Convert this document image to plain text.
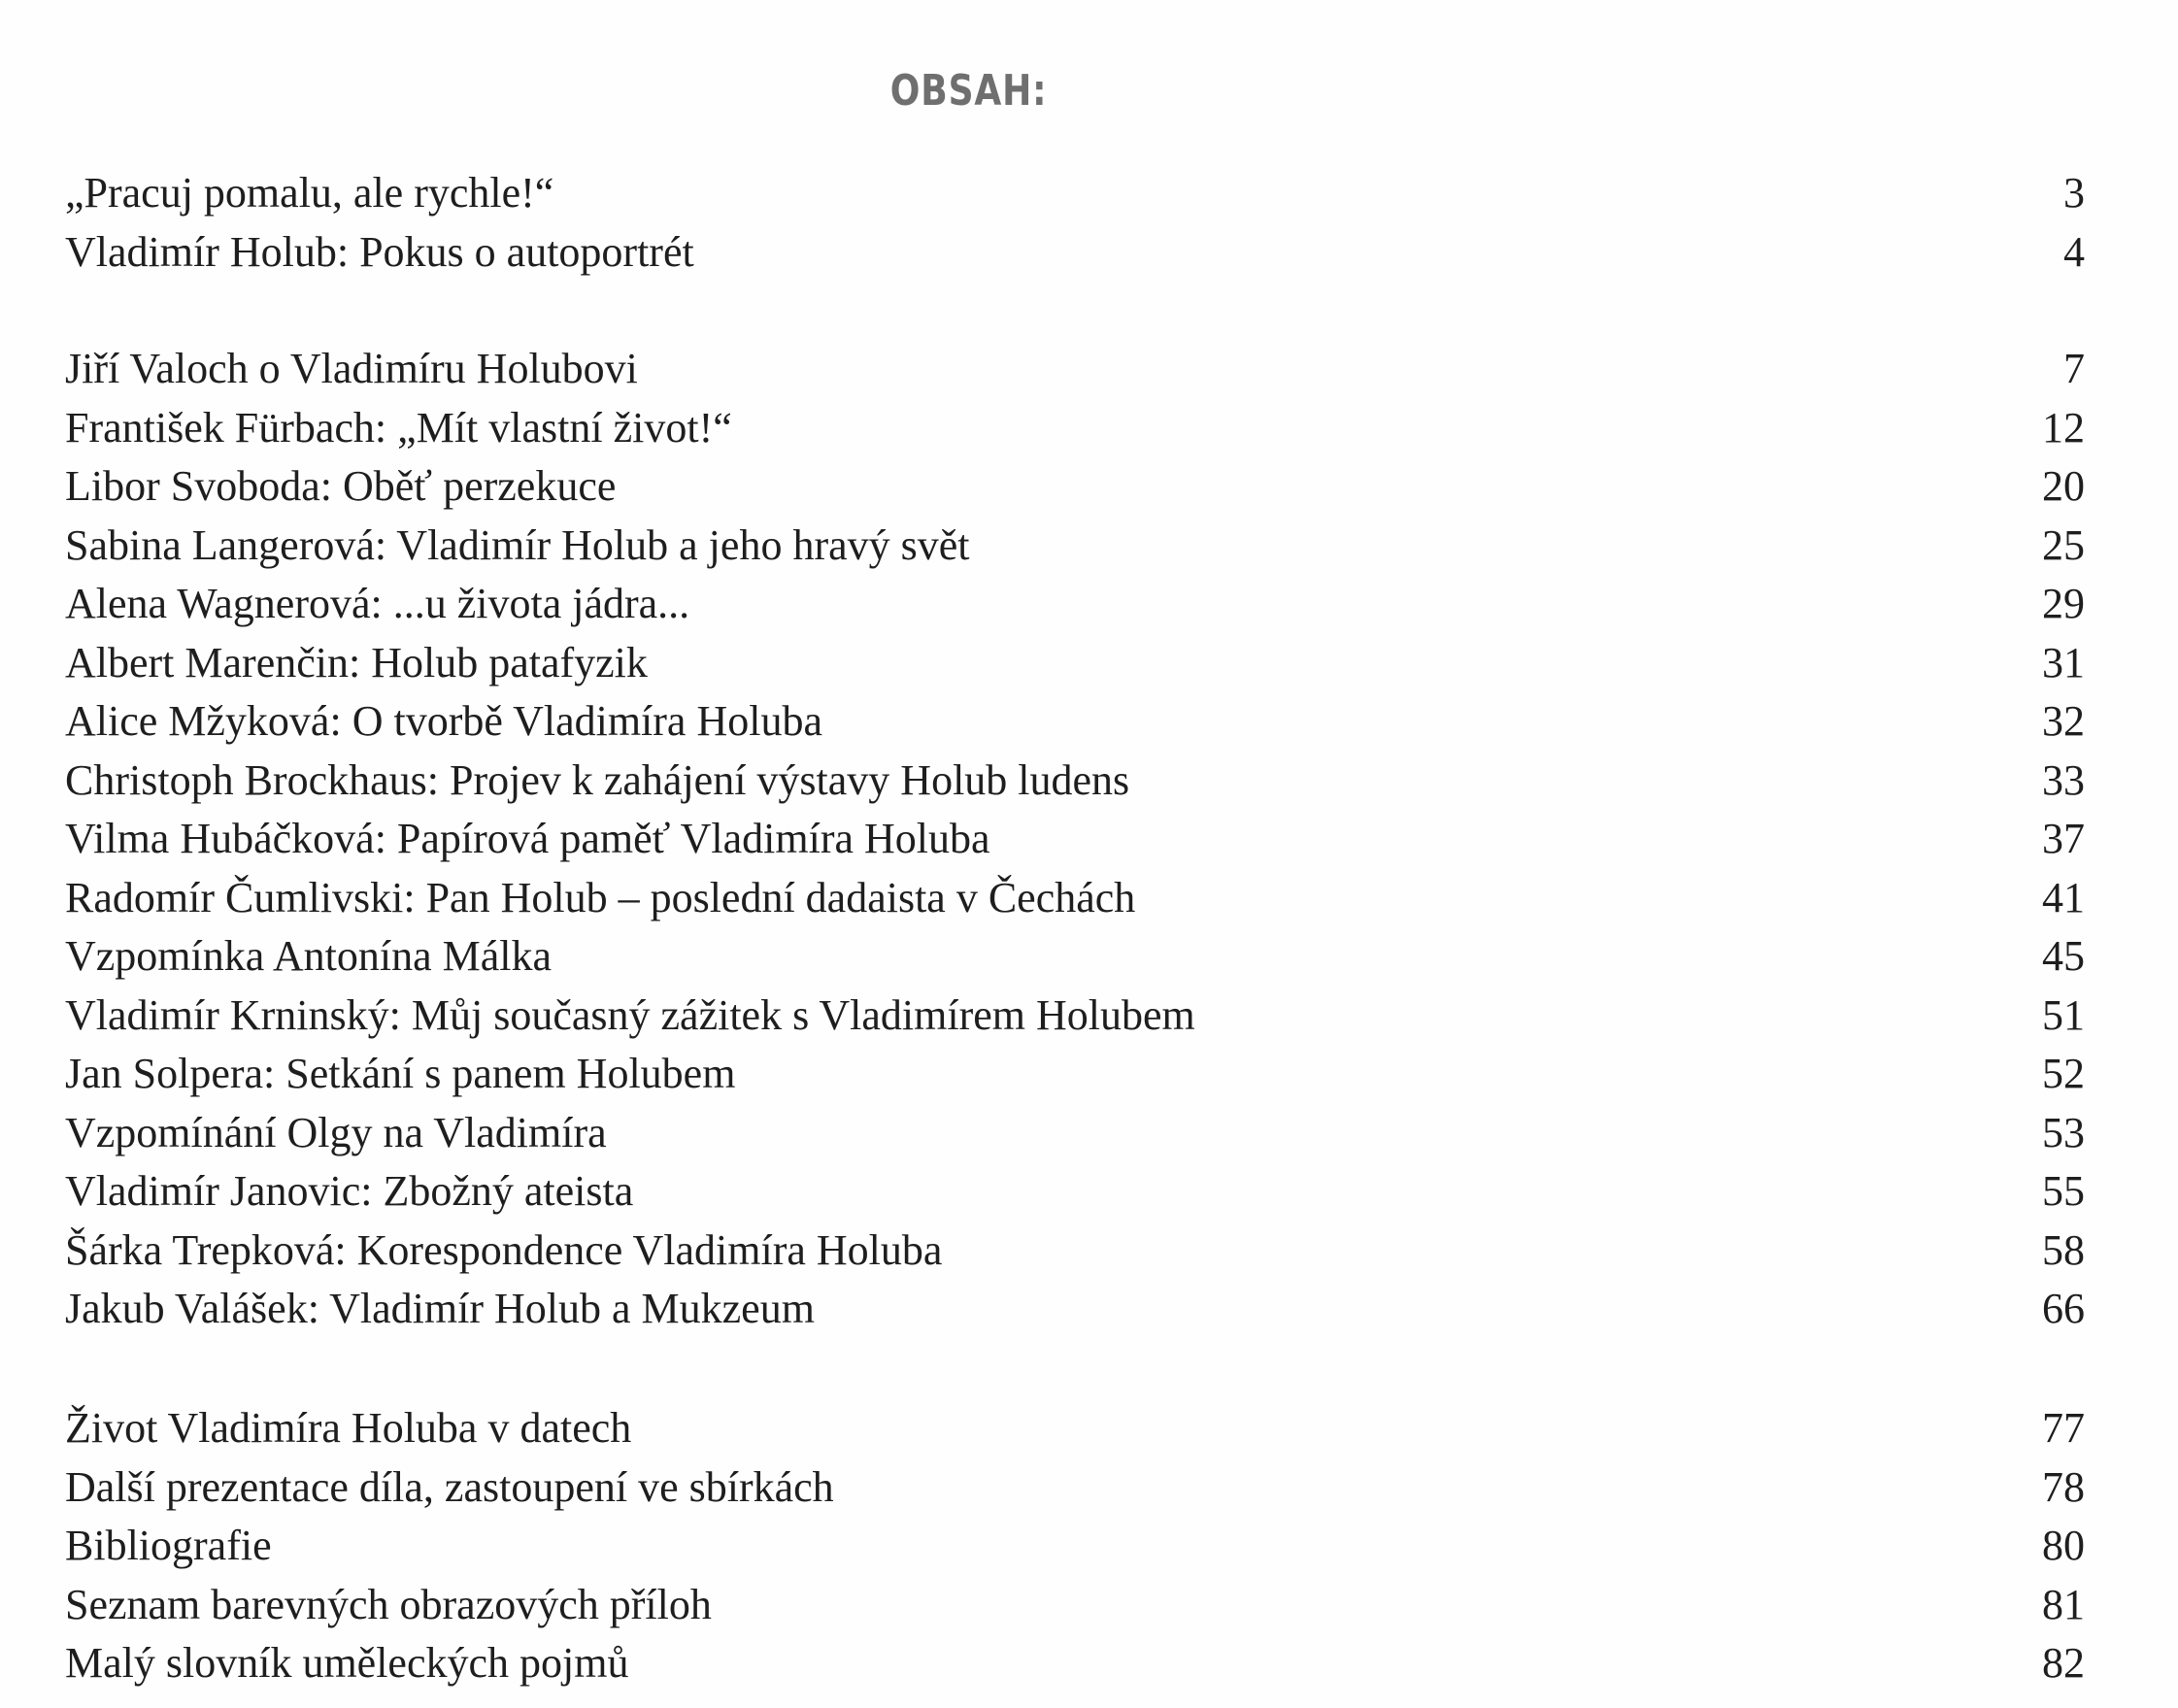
OBSAH:
„Pracuj pomalu, ale rychle!“	3
Vladimír Holub: Pokus o autoportrét	4
Jiří Valoch o Vladimíru Holubovi	7
František Fürbach: „Mít vlastní život!“	12
Libor Svoboda: Oběť perzekuce	20
Sabina Langerová: Vladimír Holub a jeho hravý svět	25
Alena Wagnerová: ...u života jádra...	29
Albert Marenčin: Holub patafyzik	31
Alice Mžyková: O tvorbě Vladimíra Holuba	32
Christoph Brockhaus: Projev k zahájení výstavy Holub ludens	33
Vilma Hubáčková: Papírová paměť Vladimíra Holuba	37
Radomír Čumlivski: Pan Holub – poslední dadaista v Čechách	41
Vzpomínka Antonína Málka	45
Vladimír Krninský: Můj současný zážitek s Vladimírem Holubem	51
Jan Solpera: Setkání s panem Holubem	52
Vzpomínání Olgy na Vladimíra	53
Vladimír Janovic: Zbožný ateista	55
Šárka Trepková: Korespondence Vladimíra Holuba	58
Jakub Valášek: Vladimír Holub a Mukzeum	66
Život Vladimíra Holuba v datech	77
Další prezentace díla, zastoupení ve sbírkách	78
Bibliografie	80
Seznam barevných obrazových příloh	81
Malý slovník uměleckých pojmů	82
